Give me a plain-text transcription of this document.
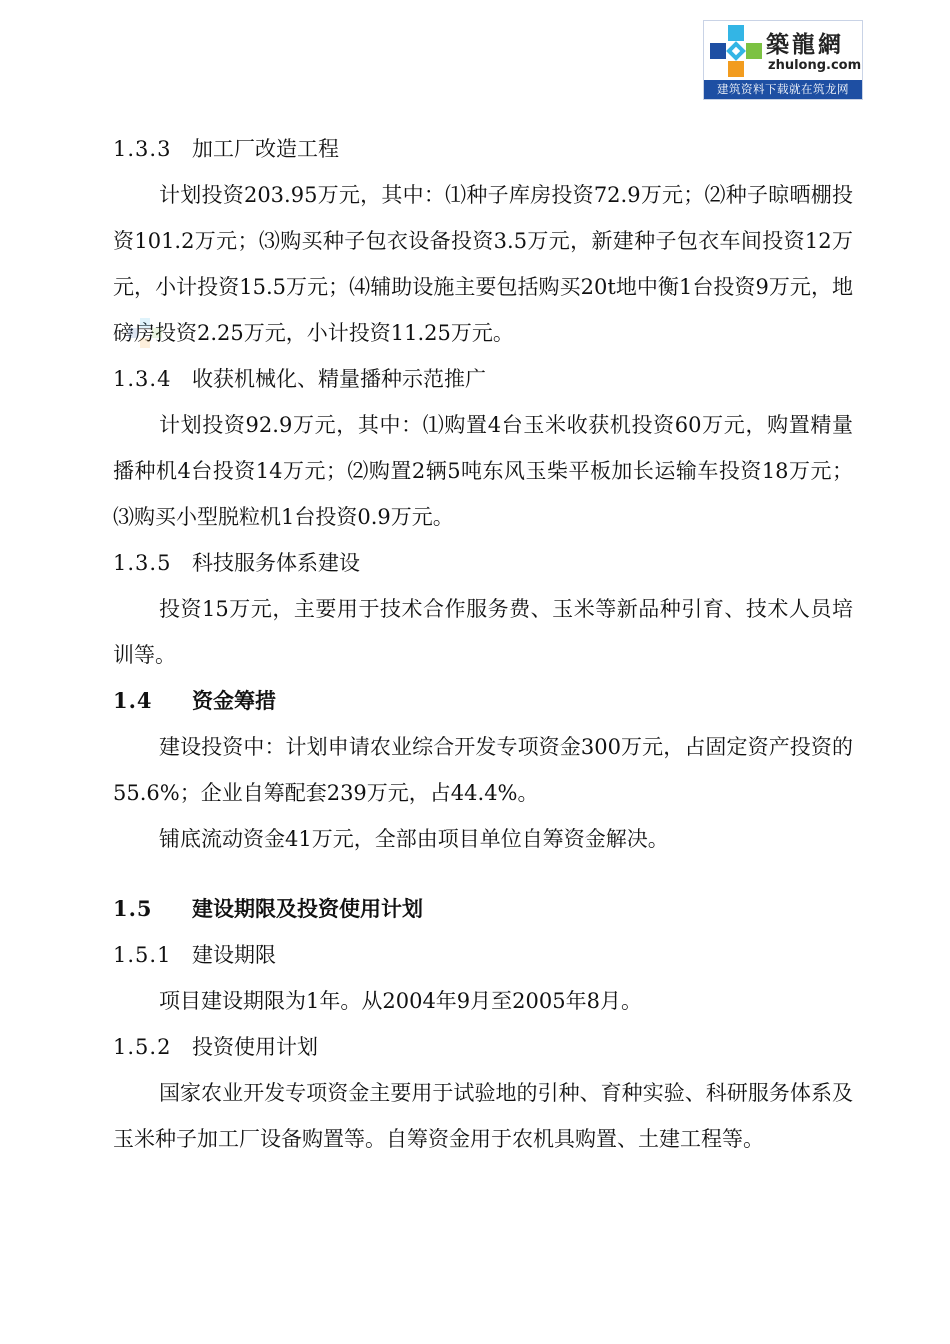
築龍網
zhulong.com
建筑资料下载就在筑龙网
1.3.3 加工厂改造工程

计划投资203.95万元，其中：⑴种子库房投资72.9万元；⑵种子晾晒棚投资101.2万元；⑶购买种子包衣设备投资3.5万元，新建种子包衣车间投资12万元，小计投资15.5万元；⑷辅助设施主要包括购买20t地中衡1台投资9万元，地磅房投资2.25万元，小计投资11.25万元。

1.3.4 收获机械化、精量播种示范推广

计划投资92.9万元，其中：⑴购置4台玉米收获机投资60万元，购置精量播种机4台投资14万元；⑵购置2辆5吨东风玉柴平板加长运输车投资18万元；⑶购买小型脱粒机1台投资0.9万元。

1.3.5 科技服务体系建设

投资15万元，主要用于技术合作服务费、玉米等新品种引育、技术人员培训等。

1.4 资金筹措

建设投资中：计划申请农业综合开发专项资金300万元，占固定资产投资的55.6%；企业自筹配套239万元，占44.4%。

铺底流动资金41万元，全部由项目单位自筹资金解决。

1.5 建设期限及投资使用计划
1.5.1 建设期限

项目建设期限为1年。从2004年9月至2005年8月。

1.5.2 投资使用计划

国家农业开发专项资金主要用于试验地的引种、育种实验、科研服务体系及玉米种子加工厂设备购置等。自筹资金用于农机具购置、土建工程等。
